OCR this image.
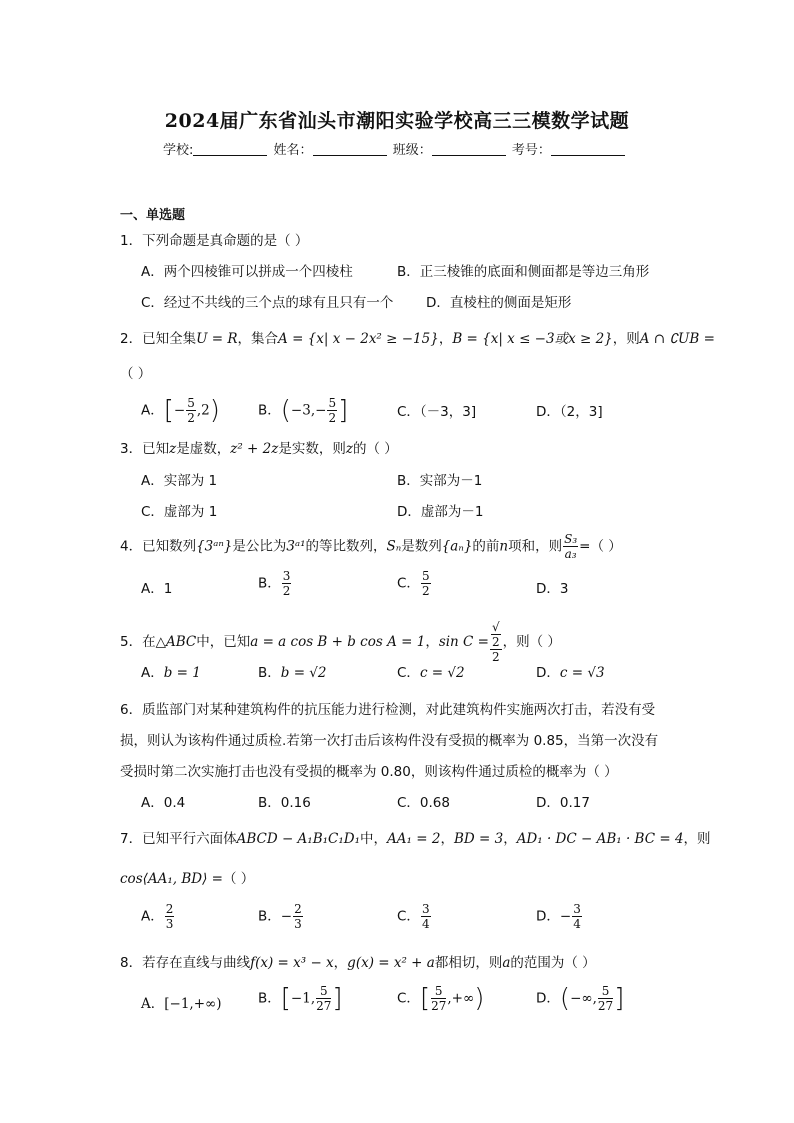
2024届广东省汕头市潮阳实验学校高三三模数学试题
学校:	姓名：	班级：	考号：
一、单选题
1．下列命题是真命题的是（ ）
A．两个四棱锥可以拼成一个四棱柱	B．正三棱锥的底面和侧面都是等边三角形
C．经过不共线的三个点的球有且只有一个 D．直棱柱的侧面是矩形
2．已知全集U = R，集合A = {x| x − 2x² ≥ −15}，B = {x| x ≤ −3或x ≥ 2}，则A ∩ ∁UB =
（ ）
A．[− $\frac{5}{2} ,2$)	B．($-3,- \frac{5}{2}$ ]	C．（－3，3]	D．（2，3]
3．已知z是虚数，z² + 2z是实数，则z的（ ）
A．实部为 1	B．实部为－1
C．虚部为 1	D．虚部为－1
4．已知数列{3ᵃⁿ}是公比为3ᵃ¹的等比数列，Sₙ是数列{aₙ}的前n项和，则 $\frac{\text{S₃}}{\text{a₃}}$ =（ ）
A．1	B． $\frac{3}{2}$	C． $\frac{5}{2}$	D．3
5．在△ABC中，已知a = a cos B + b cos A = 1，sin C = √
2
2 ，则（ ）
A．b = 1	B．b = √2	C．c = √2	D．c = √3
6．质监部门对某种建筑构件的抗压能力进行检测，对此建筑构件实施两次打击，若没有受
损，则认为该构件通过质检.若第一次打击后该构件没有受损的概率为 0.85，当第一次没有
受损时第二次实施打击也没有受损的概率为 0.80，则该构件通过质检的概率为（ ）
A．0.4	B．0.16	C．0.68	D．0.17
7．已知平行六面体ABCD − A₁B₁C₁D₁中，AA₁ = 2，BD = 3，AD₁ · DC − AB₁ · BC = 4，则
cos⟨AA₁, BD⟩ =（ ）
A． $\frac{2}{3}$	B．− $\frac{2}{3}$	C． $\frac{3}{4}$	D．− $\frac{3}{4}$
8．若存在直线与曲线f(x) = x³ − x，g(x) = x² + a都相切，则a的范围为（ ）
A．[−1,+∞)	B．[−1, $\frac{5}{27}$ ]	C．[ $\frac{5}{27}$ ,+∞)	D．(−∞, $\frac{5}{27}$ ]
